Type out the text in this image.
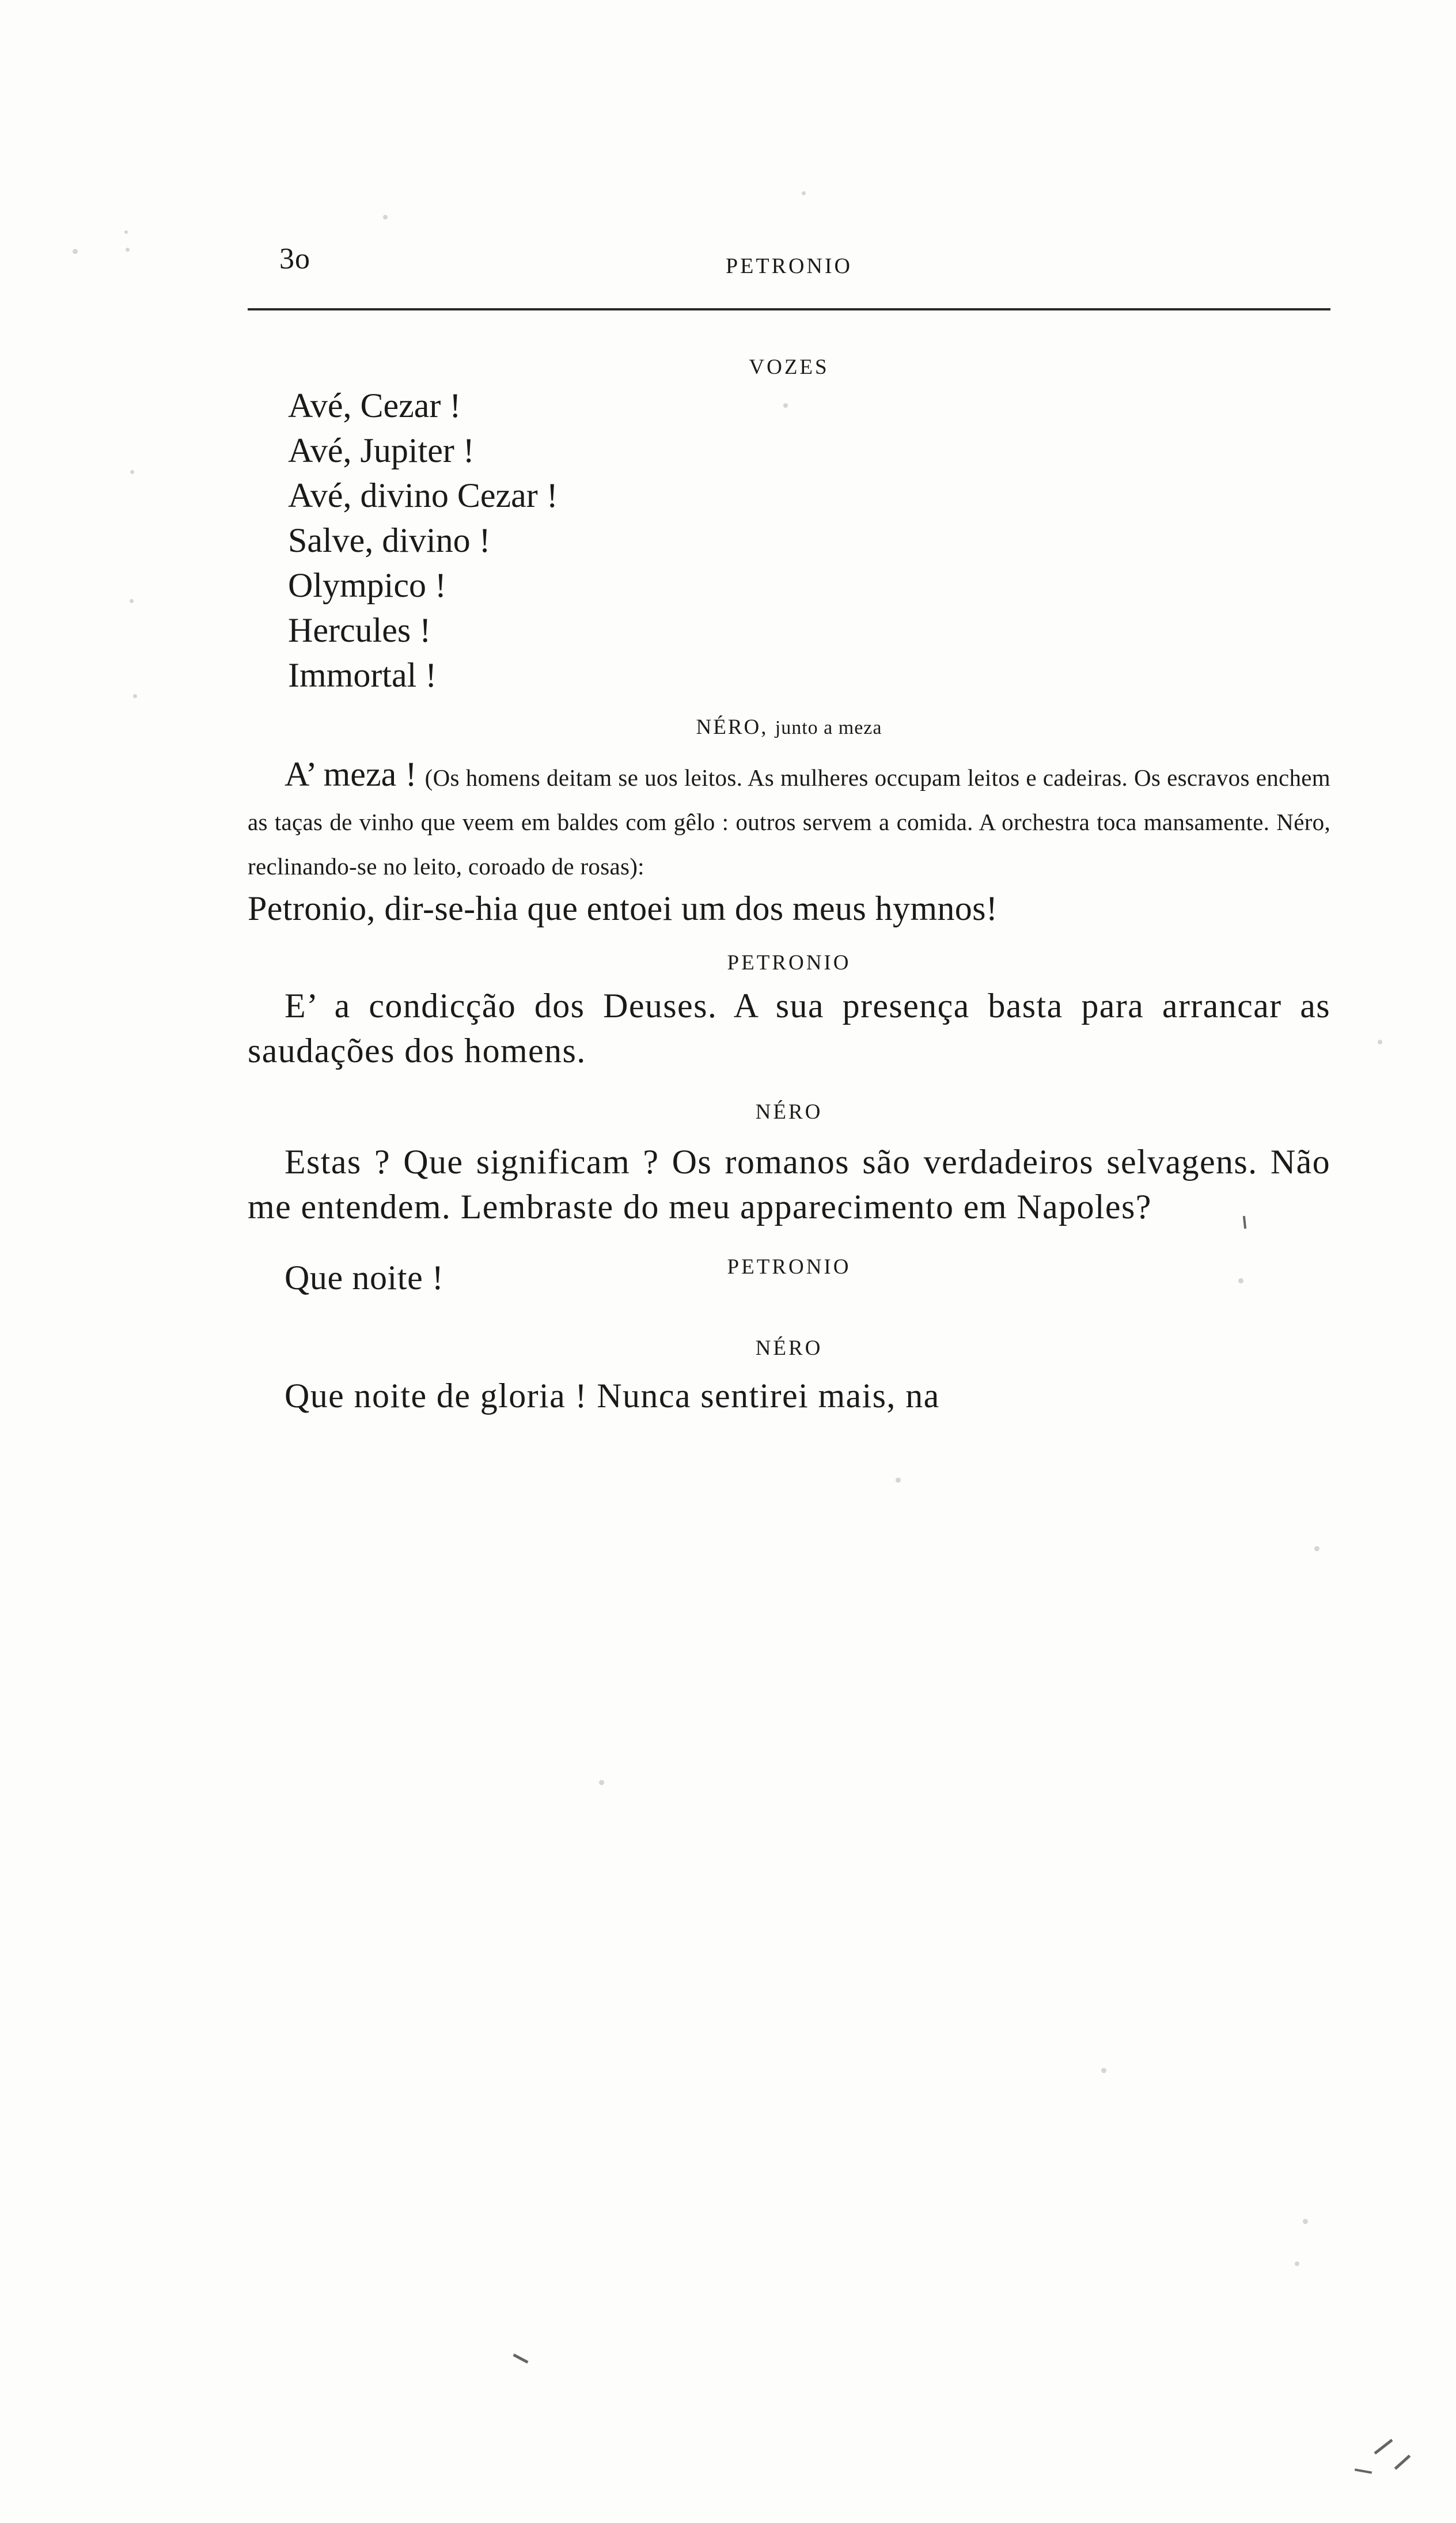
3o	PETRONIO
VOZES
Avé, Cezar !
Avé, Jupiter !
Avé, divino Cezar !
Salve, divino !
Olympico !
Hercules !
Immortal !
NÉRO, junto a meza

A’ meza ! (Os homens deitam se uos leitos. As mulheres occupam leitos e cadeiras. Os escravos enchem as taças de vinho que veem em baldes com gêlo : outros servem a comida. A orchestra toca mansamente. Néro, reclinando-se no leito, coroado de rosas):

Petronio, dir-se-hia que entoei um dos meus hymnos!

PETRONIO

E’ a condicção dos Deuses. A sua presença basta para arrancar as saudações dos homens.

NÉRO

Estas ? Que significam ? Os romanos são verdadeiros selvagens. Não me entendem. Lembraste do meu apparecimento em Napoles?

PETRONIO

Que noite !

NÉRO

Que noite de gloria ! Nunca sentirei mais, na
